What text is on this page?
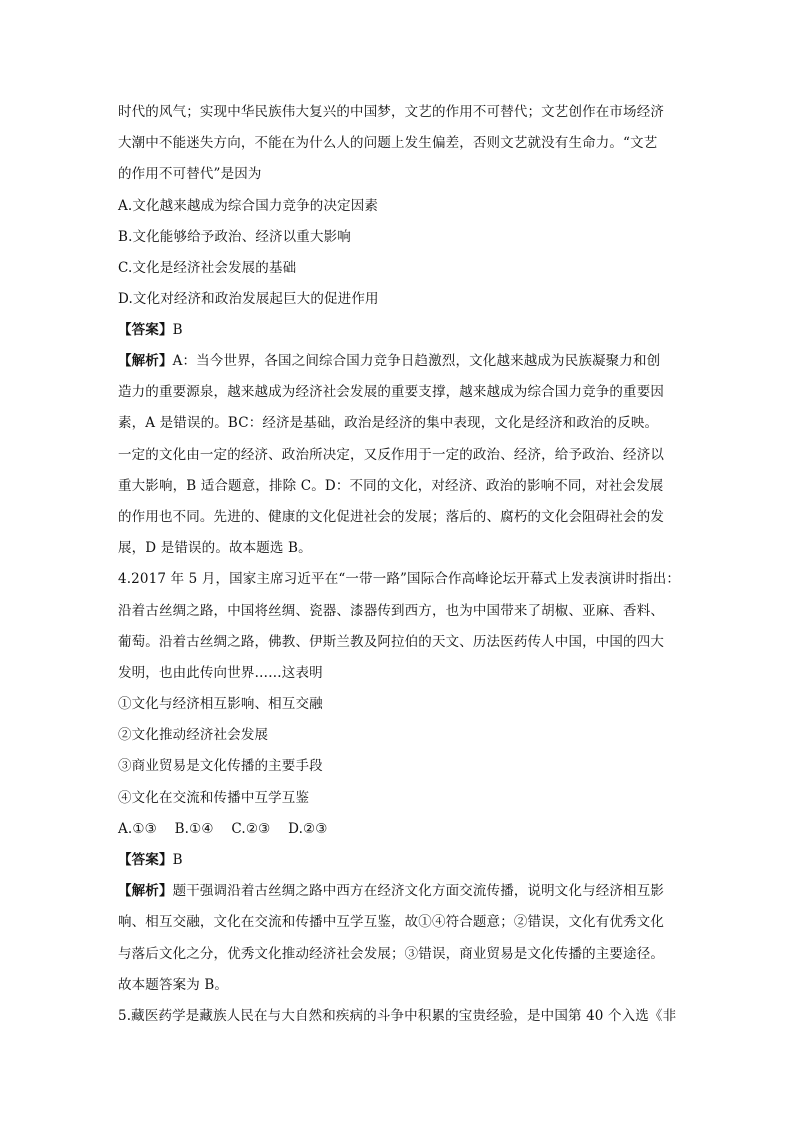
时代的风气；实现中华民族伟大复兴的中国梦，文艺的作用不可替代；文艺创作在市场经济
大潮中不能迷失方向，不能在为什么人的问题上发生偏差，否则文艺就没有生命力。“文艺
的作用不可替代”是因为
A.文化越来越成为综合国力竞争的决定因素
B.文化能够给予政治、经济以重大影响
C.文化是经济社会发展的基础
D.文化对经济和政治发展起巨大的促进作用
【答案】B
【解析】A：当今世界，各国之间综合国力竞争日趋激烈，文化越来越成为民族凝聚力和创
造力的重要源泉，越来越成为经济社会发展的重要支撑，越来越成为综合国力竞争的重要因
素，A 是错误的。BC：经济是基础，政治是经济的集中表现，文化是经济和政治的反映。
一定的文化由一定的经济、政治所决定，又反作用于一定的政治、经济，给予政治、经济以
重大影响，B 适合题意，排除 C。D：不同的文化，对经济、政治的影响不同，对社会发展
的作用也不同。先进的、健康的文化促进社会的发展；落后的、腐朽的文化会阻碍社会的发
展，D 是错误的。故本题选 B。
4.2017 年 5 月，国家主席习近平在“一带一路”国际合作高峰论坛开幕式上发表演讲时指出：
沿着古丝绸之路，中国将丝绸、瓷器、漆器传到西方，也为中国带来了胡椒、亚麻、香料、
葡萄。沿着古丝绸之路，佛教、伊斯兰教及阿拉伯的天文、历法医药传人中国，中国的四大
发明，也由此传向世界……这表明
①文化与经济相互影响、相互交融
②文化推动经济社会发展
③商业贸易是文化传播的主要手段
④文化在交流和传播中互学互鉴
A.①③    B.①④    C.②③    D.②③
【答案】B
【解析】题干强调沿着古丝绸之路中西方在经济文化方面交流传播，说明文化与经济相互影
响、相互交融，文化在交流和传播中互学互鉴，故①④符合题意；②错误，文化有优秀文化
与落后文化之分，优秀文化推动经济社会发展；③错误，商业贸易是文化传播的主要途径。
故本题答案为 B。
5.藏医药学是藏族人民在与大自然和疾病的斗争中积累的宝贵经验，是中国第 40 个入选《非
